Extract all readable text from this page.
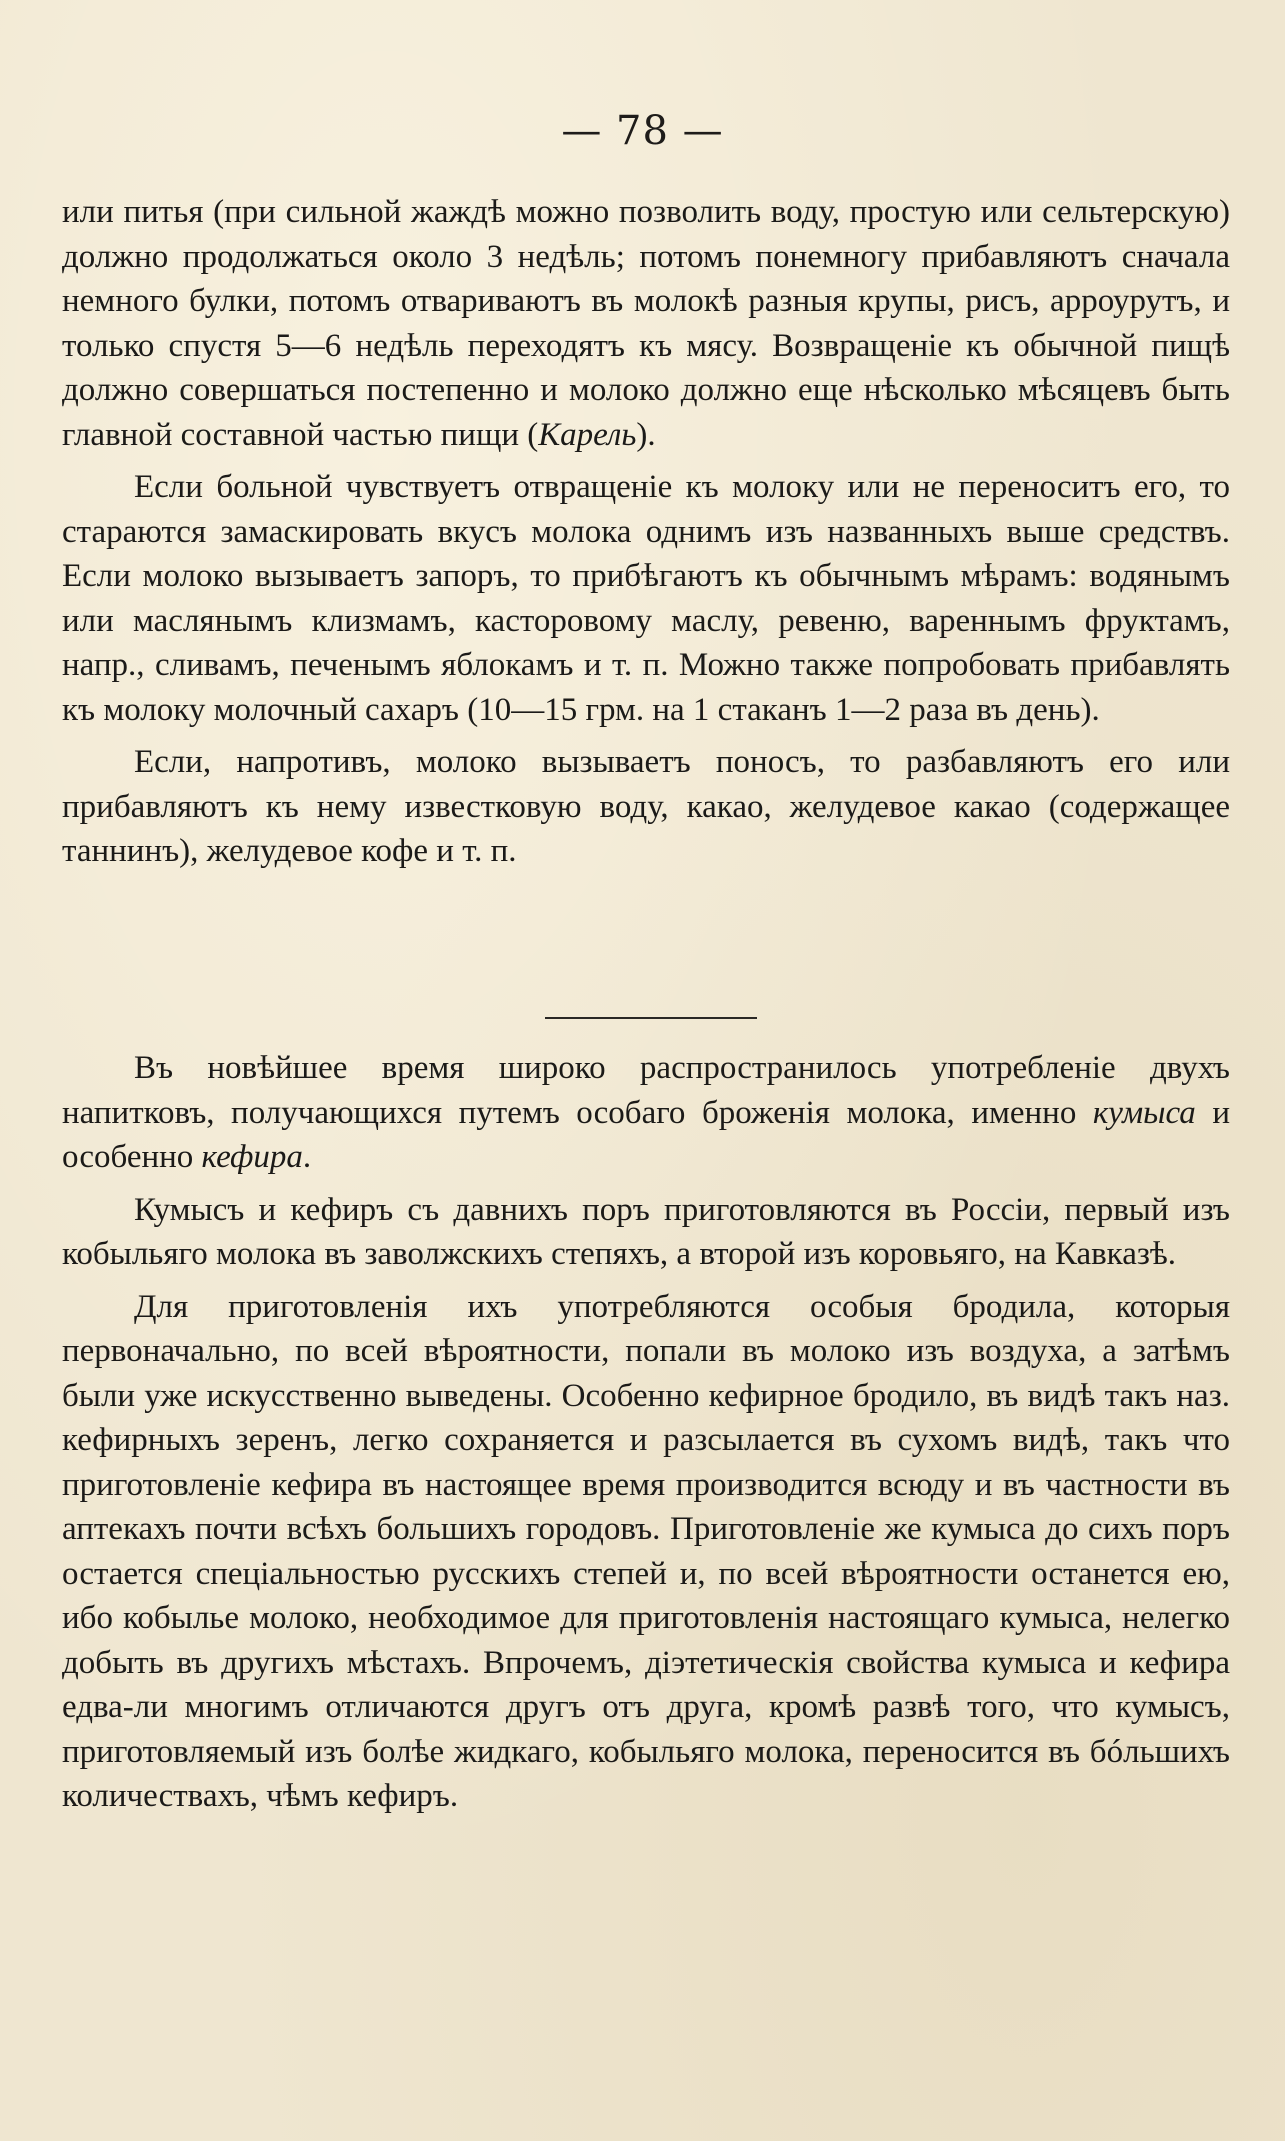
— 78 —

или питья (при сильной жаждѣ можно позволить воду, простую или сельтерскую) должно продолжаться около 3 недѣль; потомъ понемногу прибавляютъ сначала немного булки, потомъ отвариваютъ въ молокѣ разныя крупы, рисъ, арроурутъ, и только спустя 5—6 недѣль переходятъ къ мясу. Возвращеніе къ обычной пищѣ должно совершаться постепенно и молоко должно еще нѣсколько мѣсяцевъ быть главной составной частью пищи (Карель).

Если больной чувствуетъ отвращеніе къ молоку или не переноситъ его, то стараются замаскировать вкусъ молока однимъ изъ названныхъ выше средствъ. Если молоко вызываетъ запоръ, то прибѣгаютъ къ обычнымъ мѣрамъ: водянымъ или маслянымъ клизмамъ, касторовому маслу, ревеню, вареннымъ фруктамъ, напр., сливамъ, печенымъ яблокамъ и т. п. Можно также попробовать прибавлять къ молоку молочный сахаръ (10—15 грм. на 1 стаканъ 1—2 раза въ день).

Если, напротивъ, молоко вызываетъ поносъ, то разбавляютъ его или прибавляютъ къ нему известковую воду, какао, желудевое какао (содержащее таннинъ), желудевое кофе и т. п.

Въ новѣйшее время широко распространилось употребленіе двухъ напитковъ, получающихся путемъ особаго броженія молока, именно кумыса и особенно кефира.

Кумысъ и кефиръ съ давнихъ поръ приготовляются въ Россіи, первый изъ кобыльяго молока въ заволжскихъ степяхъ, а второй изъ коровьяго, на Кавказѣ.

Для приготовленія ихъ употребляются особыя бродила, которыя первоначально, по всей вѣроятности, попали въ молоко изъ воздуха, а затѣмъ были уже искусственно выведены. Особенно кефирное бродило, въ видѣ такъ наз. кефирныхъ зеренъ, легко сохраняется и разсылается въ сухомъ видѣ, такъ что приготовленіе кефира въ настоящее время производится всюду и въ частности въ аптекахъ почти всѣхъ большихъ городовъ. Приготовленіе же кумыса до сихъ поръ остается спеціальностью русскихъ степей и, по всей вѣроятности останется ею, ибо кобылье молоко, необходимое для приготовленія настоящаго кумыса, нелегко добыть въ другихъ мѣстахъ. Впрочемъ, діэтетическія свойства кумыса и кефира едва-ли многимъ отличаются другъ отъ друга, кромѣ развѣ того, что кумысъ, приготовляемый изъ болѣе жидкаго, кобыльяго молока, переносится въ бóльшихъ количествахъ, чѣмъ кефиръ.
